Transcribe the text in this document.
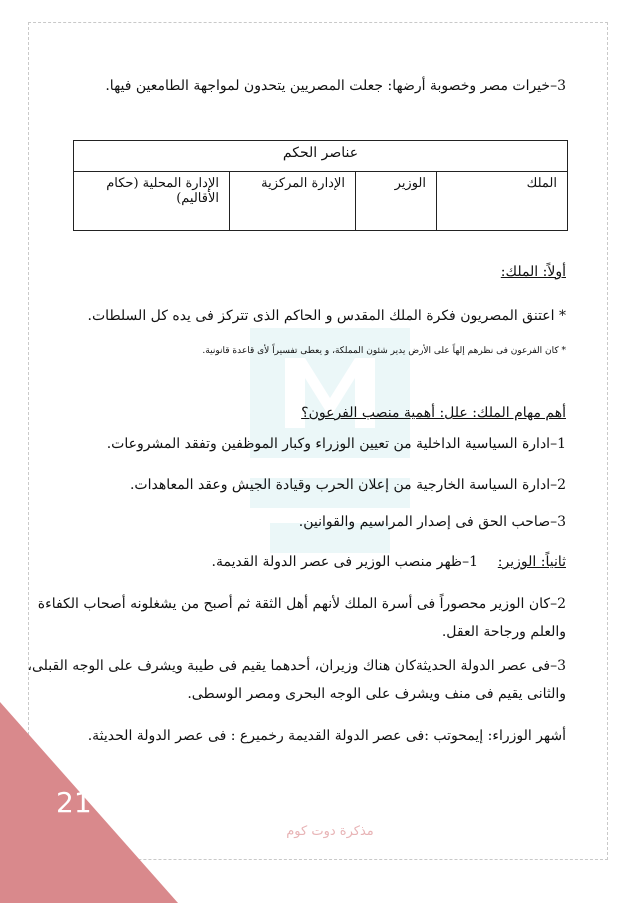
3–خيرات مصر وخصوبة أرضها: جعلت المصريين يتحدون لمواجهة الطامعين فيها.
عناصر الحكم
الملك	الوزير	الإدارة المركزية	الإدارة المحلية (حكام الأقاليم)
أولاً: الملك:
* اعتنق المصريون فكرة الملك المقدس و الحاكم الذى تتركز فى يده كل السلطات.
* كان الفرعون فى نظرهم إلهاً على الأرض يدير شئون المملكة، و يعطى تفسيراً لأى قاعدة قانونية.
أهم مهام الملك: علل: أهمية منصب الفرعون؟
1–ادارة السياسية الداخلية من تعيين الوزراء وكبار الموظفين وتفقد المشروعات.
2–ادارة السياسة الخارجية من إعلان الحرب وقيادة الجيش وعقد المعاهدات.
3–صاحب الحق فى إصدار المراسيم والقوانين.
ثانياً: الوزير:
1–ظهر منصب الوزير فى عصر الدولة القديمة.
2–كان الوزير محصوراً فى أسرة الملك لأنهم أهل الثقة ثم أصبح من يشغلونه أصحاب الكفاءة
والعلم ورجاحة العقل.
3–فى عصر الدولة الحديثةكان هناك وزيران، أحدهما يقيم فى طيبة ويشرف على الوجه القبلى،
والثانى يقيم فى منف ويشرف على الوجه البحرى ومصر الوسطى.
أشهر الوزراء: إيمحوتب :فى عصر الدولة القديمة رخميرع : فى عصر الدولة الحديثة.
21
مذكرة دوت كوم
